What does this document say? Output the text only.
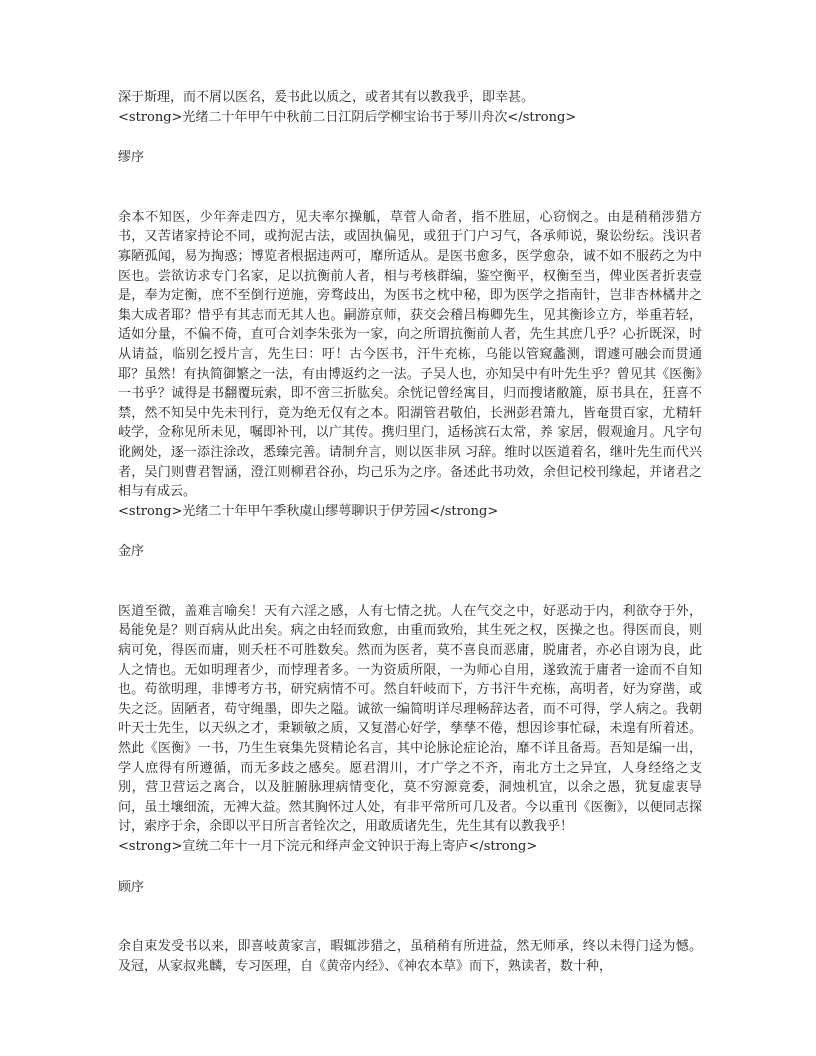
深于斯理，而不屑以医名，爰书此以质之，或者其有以教我乎，即幸甚。

<strong>光绪二十年甲午中秋前二日江阴后学柳宝诒书于琴川舟次</strong>

缪序

余本不知医，少年奔走四方，见夫率尔操觚，草菅人命者，指不胜屈，心窃悯之。由是稍稍涉猎方书，又苦诸家持论不同，或拘泥古法，或固执偏见，或狃于门户习气，各承师说，聚讼纷纭。浅识者寡陋孤闻，易为掏惑；博览者根据违两可，靡所适从。是医书愈多，医学愈杂，诚不如不服药之为中医也。尝欲访求专门名家，足以抗衡前人者，相与考核群编，鉴空衡平，权衡至当，俾业医者折衷壹是，奉为定衡，庶不至倒行逆施，旁骛歧出，为医书之枕中秘，即为医学之指南针，岂非杏林橘井之集大成者耶？惜乎有其志而无其人也。嗣游京师，获交会稽吕梅卿先生，见其衡诊立方，举重若轻，适如分量，不偏不倚，直可合刘李朱张为一家，向之所谓抗衡前人者，先生其庶几乎？心折既深，时从请益，临别乞授片言，先生曰：吁！古今医书，汗牛充栋，乌能以管窥蠡测，谓遽可融会而贯通耶？虽然！有执简御繁之一法，有由博返约之一法。子吴人也，亦知吴中有叶先生乎？曾见其《医衡》一书乎？诚得是书翻覆玩索，即不啻三折肱矣。余恍记曾经寓目，归而搜诸敝簏，原书具在，狂喜不禁，然不知吴中先未刊行，竟为绝无仅有之本。阳湖管君敬伯，长洲彭君箫九，皆奄贯百家，尤精轩岐学，佥称见所未见，嘱即补刊，以广其传。携归里门，适杨滨石太常，养 家居，假观逾月。凡字句讹阙处，逐一添注涂改，悉臻完善。请制弁言，则以医非夙 习辞。维时以医道着名，继叶先生而代兴者，吴门则曹君智涵，澄江则柳君谷孙，均己乐为之序。备述此书功效，余但记校刊缘起，并诸君之相与有成云。

<strong>光绪二十年甲午季秋虞山缪萼聊识于伊芳园</strong>

金序

医道至微，盖难言喻矣！天有六淫之感，人有七情之扰。人在气交之中，好恶动于内，利欲夺于外，曷能免是？则百病从此出矣。病之由轻而致愈，由重而致殆，其生死之权，医操之也。得医而良，则病可免，得医而庸，则夭枉不可胜数矣。然而为医者，莫不喜良而恶庸，脱庸者，亦必自诩为良，此人之情也。无如明理者少，而悖理者多。一为资质所限，一为师心自用，遂致流于庸者一途而不自知也。苟欲明理，非博考方书，研究病情不可。然自轩岐而下，方书汗牛充栋，高明者，好为穿凿，或失之泛。固陋者，苟守绳墨，即失之隘。诚欲一编简明详尽理畅辞达者，而不可得，学人病之。我朝叶天士先生，以天纵之才，秉颖敏之质，又复潜心好学，孳孳不倦，想因诊事忙碌，未遑有所着述。然此《医衡》一书，乃生生衰集先贤精论名言，其中论脉论症论治，靡不详且备焉。吾知是编一出， 学人庶得有所遵循，而无多歧之感矣。愿君渭川，才广学之不齐，南北方土之异宜，人身经络之支別，营卫营运之离合，以及脏腑脉理病情变化，莫不穷源竟委，洞烛机宜，以余之愚，犹复虚衷导问，虽土壤细流，无裨大益。然其胸怀过人处，有非平常所可几及者。今以重刊《医衡》，以便同志探讨，索序于余，余即以平日所言者铨次之，用敢质诸先生，先生其有以教我乎！

<strong>宣统二年十一月下浣元和绎声金文钟识于海上寄庐</strong>

顾序

余自束发受书以来，即喜岐黄家言，暇辄涉猎之，虽稍稍有所进益，然无师承，终以未得门迳为憾。及冠，从家叔兆麟，专习医理，自《黄帝内经》、《神农本草》而下，熟读者，数十种，
